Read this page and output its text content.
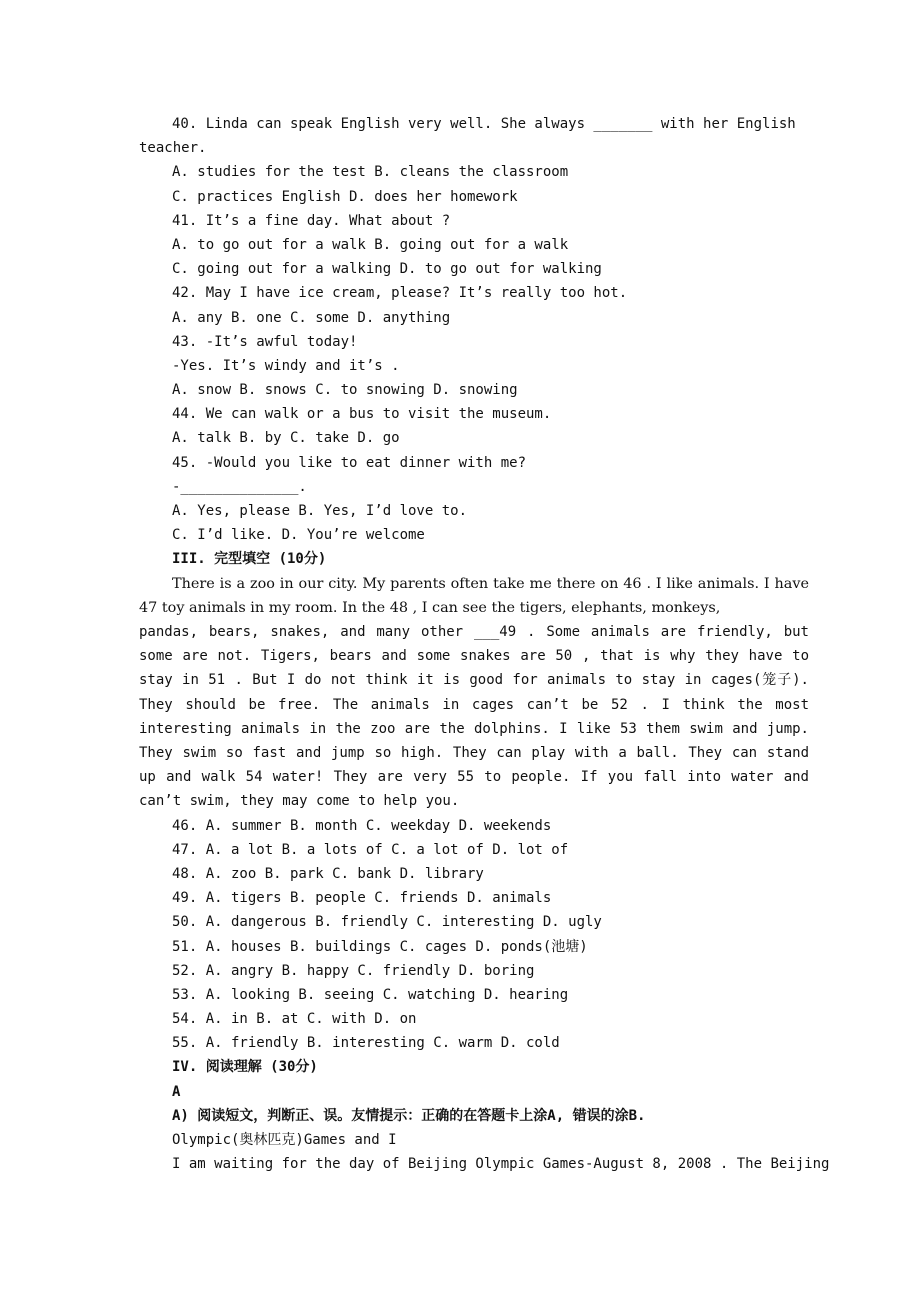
40. Linda can speak English very well. She always _______ with her English
teacher.
A. studies for the test B. cleans the classroom
C. practices English D. does her homework
41. It’s a fine day. What about ?
A. to go out for a walk B. going out for a walk
C. going out for a walking D. to go out for walking
42. May I have ice cream, please? It’s really too hot.
A. any B. one C. some D. anything
43. -It’s awful today!
-Yes. It’s windy and it’s .
A. snow B. snows C. to snowing D. snowing
44. We can walk or a bus to visit the museum.
A. talk B. by C. take D. go
45. -Would you like to eat dinner with me?
-______________.
A. Yes, please B. Yes, I’d love to.
C. I’d like. D. You’re welcome
III. 完型填空 (10分)
There is a zoo in our city. My parents often take me there on 46 . I like animals. I have 47 toy animals in my room. In the 48 , I can see the tigers, elephants, monkeys,
pandas, bears, snakes, and many other ___49 . Some animals are friendly, but some are not. Tigers, bears and some snakes are 50 , that is why they have to stay in 51 . But I do not think it is good for animals to stay in cages(笼子). They should be free. The animals in cages can’t be 52 . I think the most interesting animals in the zoo are the dolphins. I like 53 them swim and jump. They swim so fast and jump so high. They can play with a ball. They can stand up and walk 54 water! They are very 55 to people. If you fall into water and can’t swim, they may come to help you.
46. A. summer B. month C. weekday D. weekends
47. A. a lot B. a lots of C. a lot of D. lot of
48. A. zoo B. park C. bank D. library
49. A. tigers B. people C. friends D. animals
50. A. dangerous B. friendly C. interesting D. ugly
51. A. houses B. buildings C. cages D. ponds(池塘)
52. A. angry B. happy C. friendly D. boring
53. A. looking B. seeing C. watching D. hearing
54. A. in B. at C. with D. on
55. A. friendly B. interesting C. warm D. cold
IV. 阅读理解 (30分)
A
A) 阅读短文，判断正、误。友情提示：正确的在答题卡上涂A, 错误的涂B.
Olympic(奥林匹克)Games and I
I am waiting for the day of Beijing Olympic Games-August 8, 2008 . The Beijing
